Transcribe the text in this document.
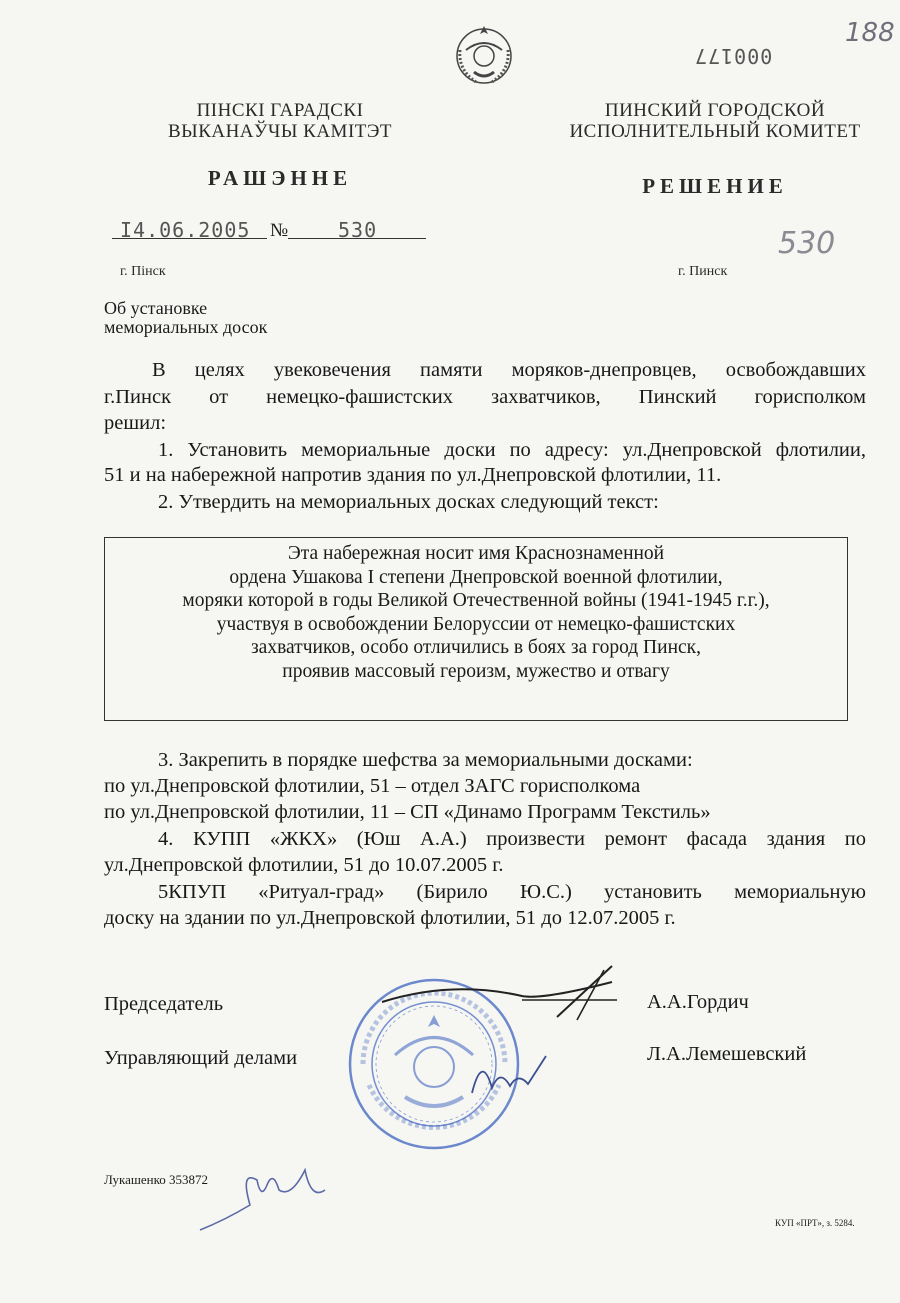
188
000177
530
ПІНСКІ ГАРАДСКІ
ВЫКАНАЎЧЫ КАМІТЭТ
РАШЭННЕ
ПИНСКИЙ ГОРОДСКОЙ
ИСПОЛНИТЕЛЬНЫЙ КОМИТЕТ
РЕШЕНИЕ
I4.06.2005 № 530
г. Пінск	г. Пинск
Об установке
мемориальных досок
В целях увековечения памяти моряков-днепровцев, освобождавших
г.Пинск от немецко-фашистских захватчиков, Пинский горисполком
решил:
1. Установить мемориальные доски по адресу: ул.Днепровской флотилии,
51 и на набережной напротив здания по ул.Днепровской флотилии, 11.
2. Утвердить на мемориальных досках следующий текст:
Эта набережная носит имя Краснознаменной
ордена Ушакова I степени Днепровской военной флотилии,
моряки которой в годы Великой Отечественной войны (1941-1945 г.г.),
участвуя в освобождении Белоруссии от немецко-фашистских
захватчиков, особо отличились в боях за город Пинск,
проявив массовый героизм, мужество и отвагу
3. Закрепить в порядке шефства за мемориальными досками:
по ул.Днепровской флотилии, 51 – отдел ЗАГС горисполкома
по ул.Днепровской флотилии, 11 – СП «Динамо Программ Текстиль»
4. КУПП «ЖКХ» (Юш А.А.) произвести ремонт фасада здания по
ул.Днепровской флотилии, 51 до 10.07.2005 г.
5КПУП «Ритуал-град» (Бирило Ю.С.) установить мемориальную
доску на здании по ул.Днепровской флотилии, 51 до 12.07.2005 г.
Председатель	А.А.Гордич
Управляющий делами	Л.А.Лемешевский
Лукашенко 353872
КУП «ПРТ», з. 5284.
